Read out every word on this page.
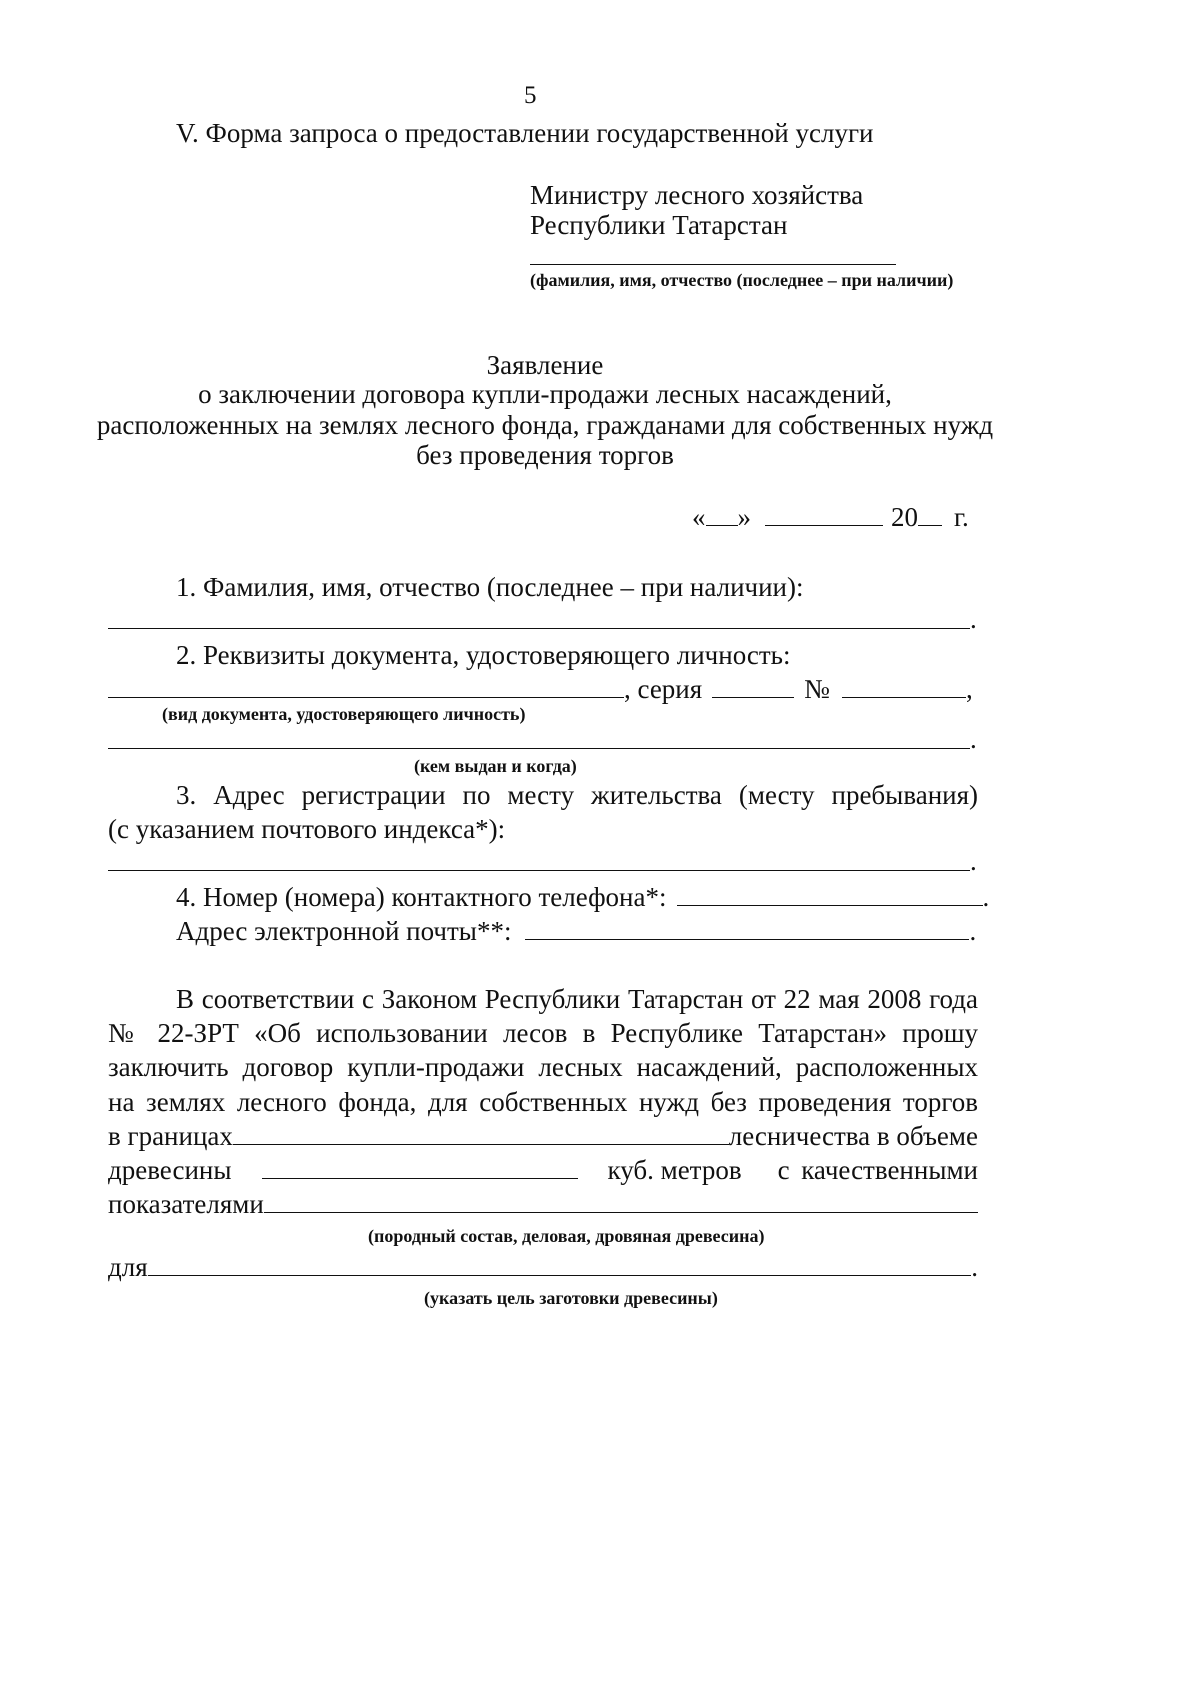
5
V. Форма запроса о предоставлении государственной услуги
Министру лесного хозяйства
Республики Татарстан
(фамилия, имя, отчество (последнее – при наличии)
Заявление
о заключении договора купли-продажи лесных насаждений,
расположенных на землях лесного фонда, гражданами для собственных нужд
без проведения торгов
« »	20 г.
1. Фамилия, имя, отчество (последнее – при наличии):
.
2. Реквизиты документа, удостоверяющего личность:
, серия	№	,
(вид документа, удостоверяющего личность)
.
(кем выдан и когда)
3. Адрес регистрации по месту жительства (месту пребывания)
(с указанием почтового индекса*):
.
4. Номер (номера) контактного телефона*:	.
Адрес электронной почты**:	.
В соответствии с Законом Республики Татарстан от 22 мая 2008 года
№ 22-ЗРТ «Об использовании лесов в Республике Татарстан» прошу
заключить договор купли-продажи лесных насаждений, расположенных
на землях лесного фонда, для собственных нужд без проведения торгов
в границах	лесничества в объеме
древесины	куб. метров с качественными
показателями
(породный состав, деловая, дровяная древесина)
для	.
(указать цель заготовки древесины)
